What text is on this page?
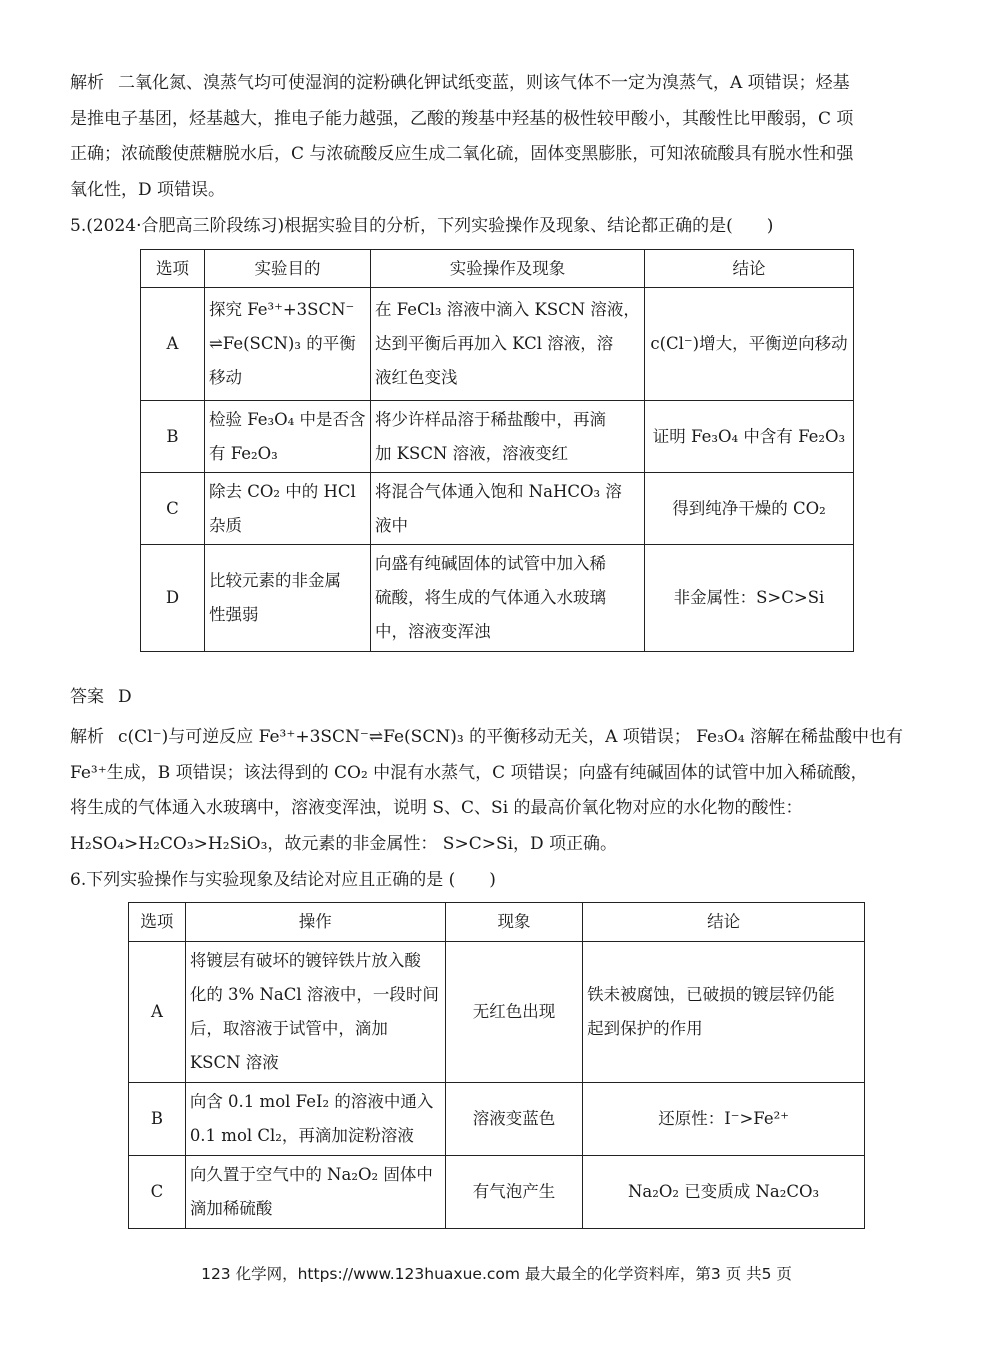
解析 二氧化氮、溴蒸气均可使湿润的淀粉碘化钾试纸变蓝，则该气体不一定为溴蒸气，A 项错误；烃基
是推电子基团，烃基越大，推电子能力越强，乙酸的羧基中羟基的极性较甲酸小，其酸性比甲酸弱，C 项
正确；浓硫酸使蔗糖脱水后，C 与浓硫酸反应生成二氧化硫，固体变黑膨胀，可知浓硫酸具有脱水性和强
氧化性，D 项错误。
5.(2024·合肥高三阶段练习)根据实验目的分析，下列实验操作及现象、结论都正确的是(　　)
选项	实验目的	实验操作及现象	结论
A	探究 Fe³⁺+3SCN⁻
⇌Fe(SCN)₃ 的平衡
移动	在 FeCl₃ 溶液中滴入 KSCN 溶液，
达到平衡后再加入 KCl 溶液，溶
液红色变浅	c(Cl⁻)增大，平衡逆向移动
B	检验 Fe₃O₄ 中是否含
有 Fe₂O₃	将少许样品溶于稀盐酸中，再滴
加 KSCN 溶液，溶液变红	证明 Fe₃O₄ 中含有 Fe₂O₃
C	除去 CO₂ 中的 HCl
杂质	将混合气体通入饱和 NaHCO₃ 溶
液中	得到纯净干燥的 CO₂
D	比较元素的非金属
性强弱	向盛有纯碱固体的试管中加入稀
硫酸，将生成的气体通入水玻璃
中，溶液变浑浊	非金属性：S>C>Si
答案 D
解析 c(Cl⁻)与可逆反应 Fe³⁺+3SCN⁻⇌Fe(SCN)₃ 的平衡移动无关，A 项错误； Fe₃O₄ 溶解在稀盐酸中也有
Fe³⁺生成，B 项错误；该法得到的 CO₂ 中混有水蒸气，C 项错误；向盛有纯碱固体的试管中加入稀硫酸，
将生成的气体通入水玻璃中，溶液变浑浊，说明 S、C、Si 的最高价氧化物对应的水化物的酸性：
H₂SO₄>H₂CO₃>H₂SiO₃，故元素的非金属性： S>C>Si，D 项正确。
6.下列实验操作与实验现象及结论对应且正确的是 (　　)
选项	操作	现象	结论
A	将镀层有破坏的镀锌铁片放入酸
化的 3% NaCl 溶液中，一段时间
后，取溶液于试管中，滴加
KSCN 溶液	无红色出现	铁未被腐蚀，已破损的镀层锌仍能
起到保护的作用

B	向含 0.1 mol FeI₂ 的溶液中通入
0.1 mol Cl₂，再滴加淀粉溶液	溶液变蓝色	还原性：I⁻>Fe²⁺
C	向久置于空气中的 Na₂O₂ 固体中
滴加稀硫酸	有气泡产生	Na₂O₂ 已变质成 Na₂CO₃
123 化学网，https://www.123huaxue.com 最大最全的化学资料库，第3 页 共5 页
